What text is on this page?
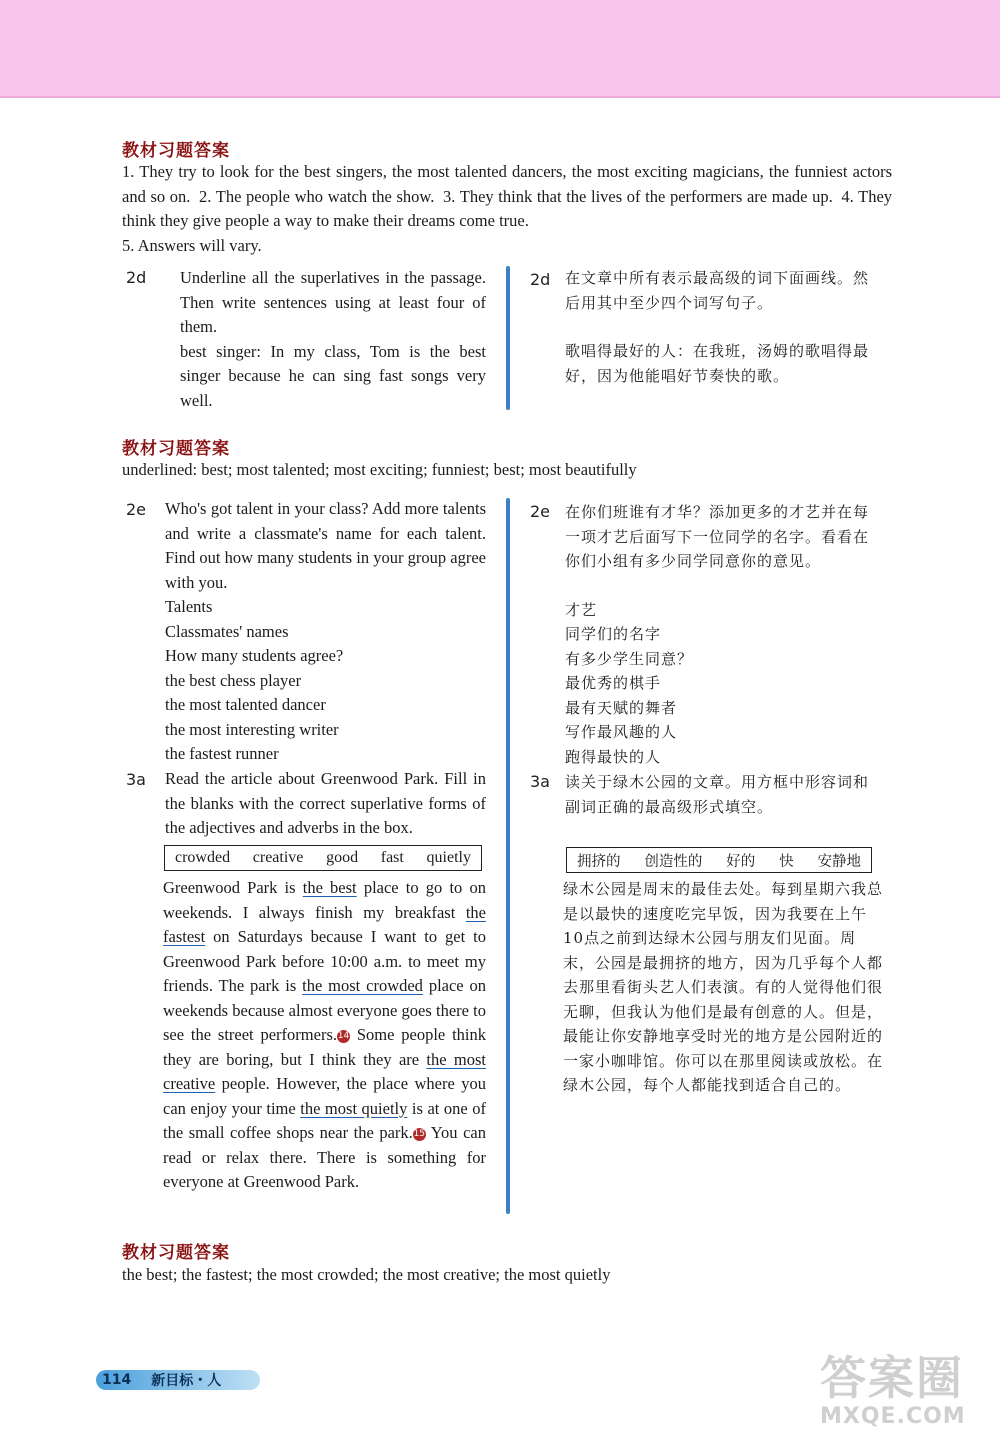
教材习题答案
1. They try to look for the best singers, the most talented dancers, the most exciting magicians, the funniest actors and so on. 2. The people who watch the show. 3. They think that the lives of the performers are made up. 4. They think they give people a way to make their dreams come true.
5. Answers will vary.
2d Underline all the superlatives in the passage. Then write sentences using at least four of them.

best singer: In my class, Tom is the best singer because he can sing fast songs very well.

2d 在文章中所有表示最高级的词下面画线。然后用其中至少四个词写句子。

歌唱得最好的人：在我班，汤姆的歌唱得最好，因为他能唱好节奏快的歌。

教材习题答案
underlined: best; most talented; most exciting; funniest; best; most beautifully
2e Who's got talent in your class? Add more talents and write a classmate's name for each talent. Find out how many students in your group agree with you.

Talents
Classmates' names
How many students agree?
the best chess player
the most talented dancer
the most interesting writer
the fastest runner
2e 在你们班谁有才华？添加更多的才艺并在每一项才艺后面写下一位同学的名字。看看在你们小组有多少同学同意你的意见。

才艺
同学们的名字
有多少学生同意？
最优秀的棋手
最有天赋的舞者
写作最风趣的人
跑得最快的人
3a Read the article about Greenwood Park. Fill in the blanks with the correct superlative forms of the adjectives and adverbs in the box.
crowded creative good fast quietly
Greenwood Park is the best place to go to on weekends. I always finish my breakfast the fastest on Saturdays because I want to get to Greenwood Park before 10:00 a.m. to meet my friends. The park is the most crowded place on weekends because almost everyone goes there to see the street performers.14 Some people think they are boring, but I think they are the most creative people. However, the place where you can enjoy your time the most quietly is at one of the small coffee shops near the park.15 You can read or relax there. There is something for everyone at Greenwood Park.
3a 读关于绿木公园的文章。用方框中形容词和副词正确的最高级形式填空。
拥挤的 创造性的 好的 快 安静地
绿木公园是周末的最佳去处。每到星期六我总是以最快的速度吃完早饭，因为我要在上午10点之前到达绿木公园与朋友们见面。周末，公园是最拥挤的地方，因为几乎每个人都去那里看街头艺人们表演。有的人觉得他们很无聊，但我认为他们是最有创意的人。但是，最能让你安静地享受时光的地方是公园附近的一家小咖啡馆。你可以在那里阅读或放松。在绿木公园，每个人都能找到适合自己的。
教材习题答案
the best; the fastest; the most crowded; the most creative; the most quietly
114 新目标・人	答案圈
MXQE.COM
